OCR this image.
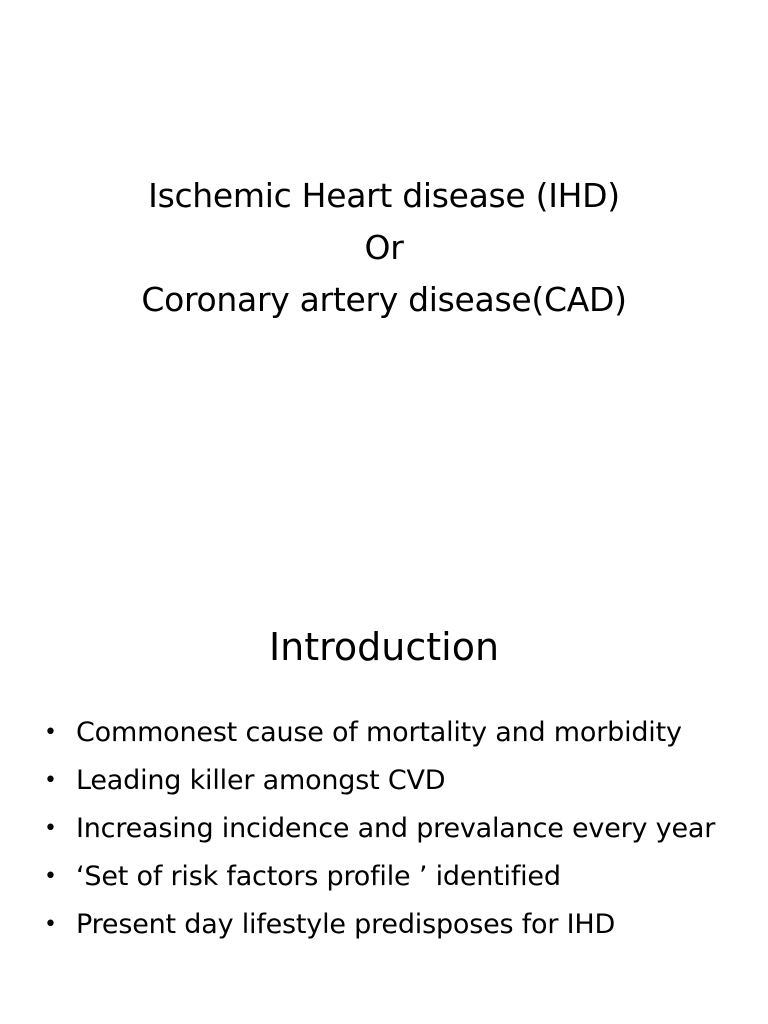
Ischemic Heart disease (IHD)
Or
Coronary artery disease(CAD)
Introduction
• Commonest cause of mortality and morbidity
• Leading killer amongst CVD
• Increasing incidence and prevalance every year
• ‘Set of risk factors profile ’ identified
• Present day lifestyle predisposes for IHD
